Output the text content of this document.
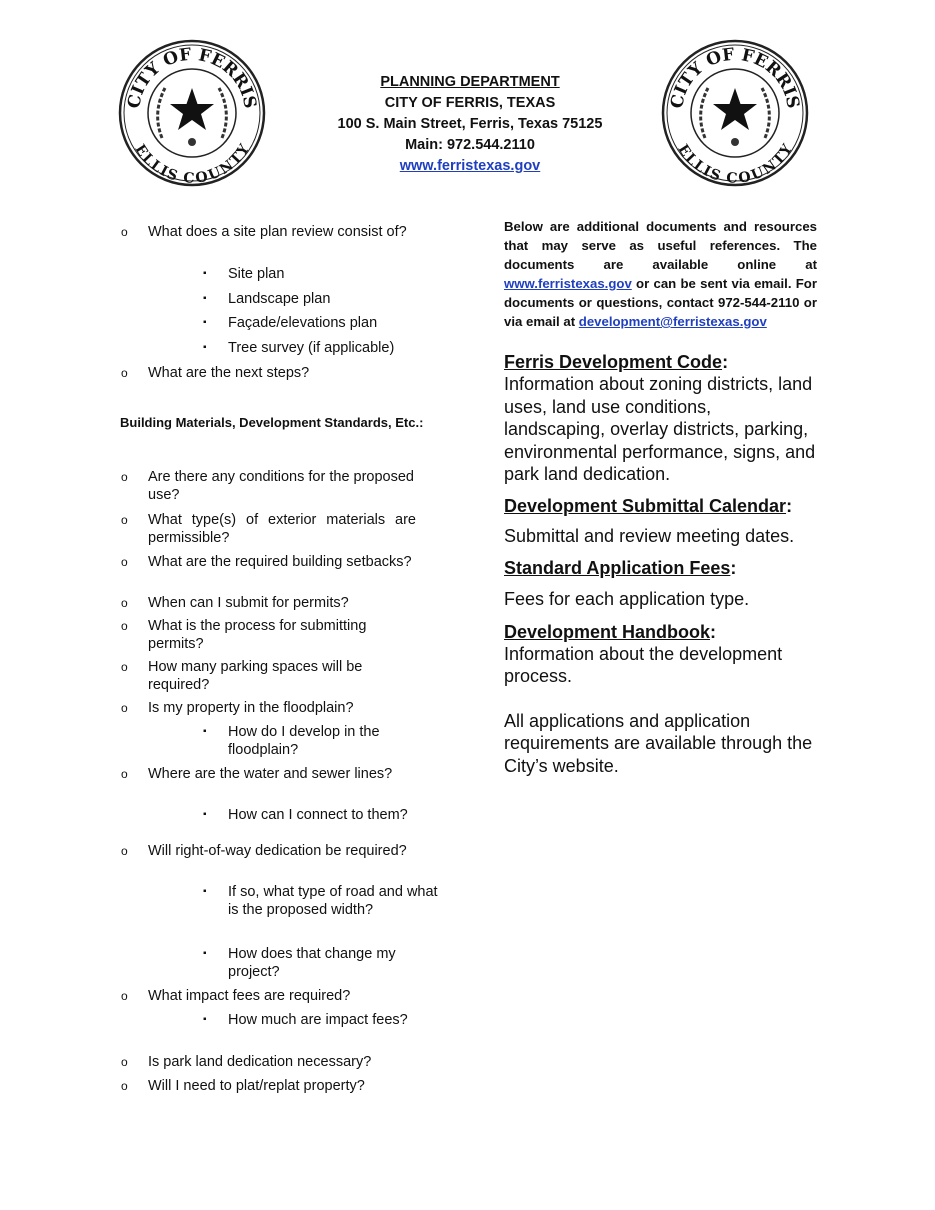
CITY OF FERRIS
ELLIS COUNTY
CITY OF FERRIS
ELLIS COUNTY
PLANNING DEPARTMENT
CITY OF FERRIS, TEXAS
100 S. Main Street, Ferris, Texas 75125
Main: 972.544.2110
www.ferristexas.gov
o What does a site plan review consist of?
▪ Site plan
▪ Landscape plan
▪ Façade/elevations plan
▪ Tree survey (if applicable)
o What are the next steps?
Building Materials, Development Standards, Etc.:
o Are there any conditions for the proposed use?
o What type(s) of exterior materials are permissible?
o What are the required building setbacks?
o When can I submit for permits?
o What is the process for submitting permits?
o How many parking spaces will be required?
o Is my property in the floodplain?
▪ How do I develop in the floodplain?
o Where are the water and sewer lines?
▪ How can I connect to them?
o Will right-of-way dedication be required?
▪ If so, what type of road and what is the proposed width?
▪ How does that change my project?
o What impact fees are required?
▪ How much are impact fees?
o Is park land dedication necessary?
o Will I need to plat/replat property?
Below are additional documents and resources that may serve as useful references. The documents are available online at www.ferristexas.gov or can be sent via email. For documents or questions, contact 972-544-2110 or via email at development@ferristexas.gov
Ferris Development Code:
Information about zoning districts, land uses, land use conditions, landscaping, overlay districts, parking, environmental performance, signs, and park land dedication.
Development Submittal Calendar:
Submittal and review meeting dates.
Standard Application Fees:
Fees for each application type.
Development Handbook:
Information about the development process.
All applications and application requirements are available through the City’s website.
